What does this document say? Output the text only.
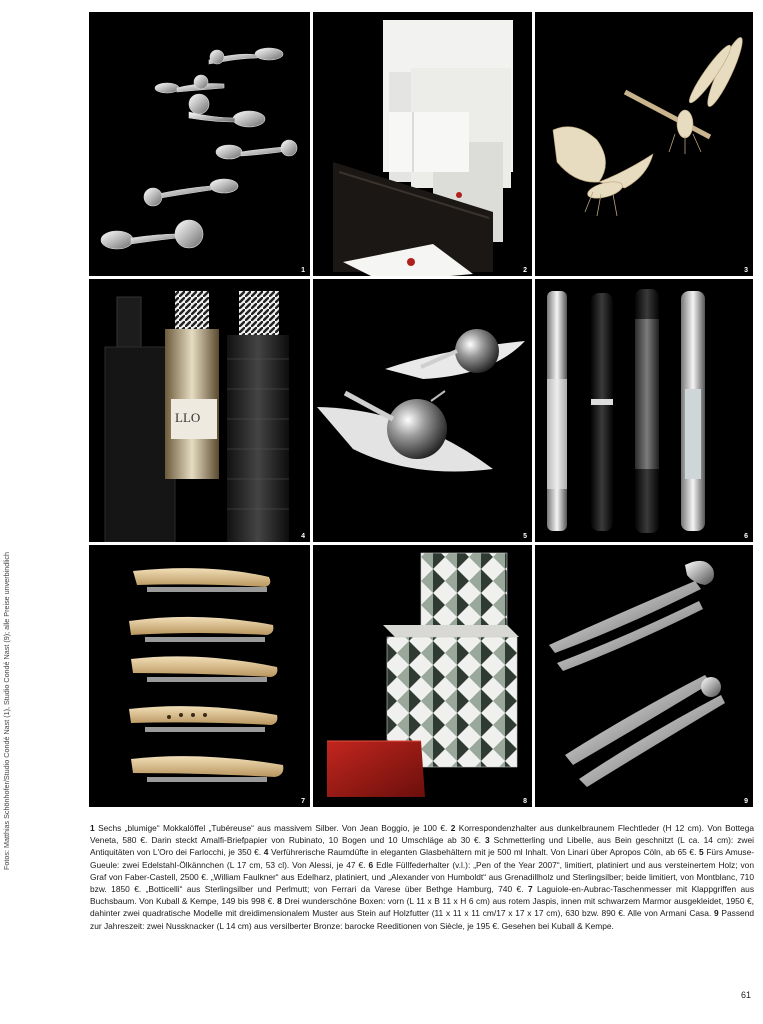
Fotos: Matthias Schönhofer/Studio Condé Nast (1), Studio Condé Nast (9); alle Preise unverbindlich
1	2	3
LLO
4	5	6
7	8	9
1 Sechs „blumige“ Mokkalöffel „Tubéreuse“ aus massivem Silber. Von Jean Boggio, je 100 €. 2 Korrespondenzhalter aus dunkelbraunem Flechtleder (H 12 cm). Von Bottega Veneta, 580 €. Darin steckt Amalfi-Briefpapier von Rubinato, 10 Bogen und 10 Umschläge ab 30 €. 3 Schmetterling und Libelle, aus Bein geschnitzt (L ca. 14 cm): zwei Antiquitäten von L'Oro dei Farlocchi, je 350 €. 4 Verführerische Raumdüfte in eleganten Glasbehältern mit je 500 ml Inhalt. Von Linari über Apropos Cöln, ab 65 €. 5 Fürs Amuse-Gueule: zwei Edelstahl-Ölkännchen (L 17 cm, 53 cl). Von Alessi, je 47 €. 6 Edle Füllfederhalter (v.l.): „Pen of the Year 2007“, limitiert, platiniert und aus versteinertem Holz; von Graf von Faber-Castell, 2500 €. „William Faulkner“ aus Edelharz, platiniert, und „Alexander von Humboldt“ aus Grenadillholz und Sterlingsilber; beide limitiert, von Montblanc, 710 bzw. 1850 €. „Botticelli“ aus Sterlingsilber und Perlmutt; von Ferrari da Varese über Bethge Hamburg, 740 €. 7 Laguiole-en-Aubrac-Taschenmesser mit Klappgriffen aus Buchsbaum. Von Kuball & Kempe, 149 bis 998 €. 8 Drei wunderschöne Boxen: vorn (L 11 x B 11 x H 6 cm) aus rotem Jaspis, innen mit schwarzem Marmor ausgekleidet, 1950 €, dahinter zwei quadratische Modelle mit dreidimensionalem Muster aus Stein auf Holzfutter (11 x 11 x 11 cm/17 x 17 x 17 cm), 630 bzw. 890 €. Alle von Armani Casa. 9 Passend zur Jahreszeit: zwei Nussknacker (L 14 cm) aus versilberter Bronze: barocke Reeditionen von Siècle, je 195 €. Gesehen bei Kuball & Kempe.
61
